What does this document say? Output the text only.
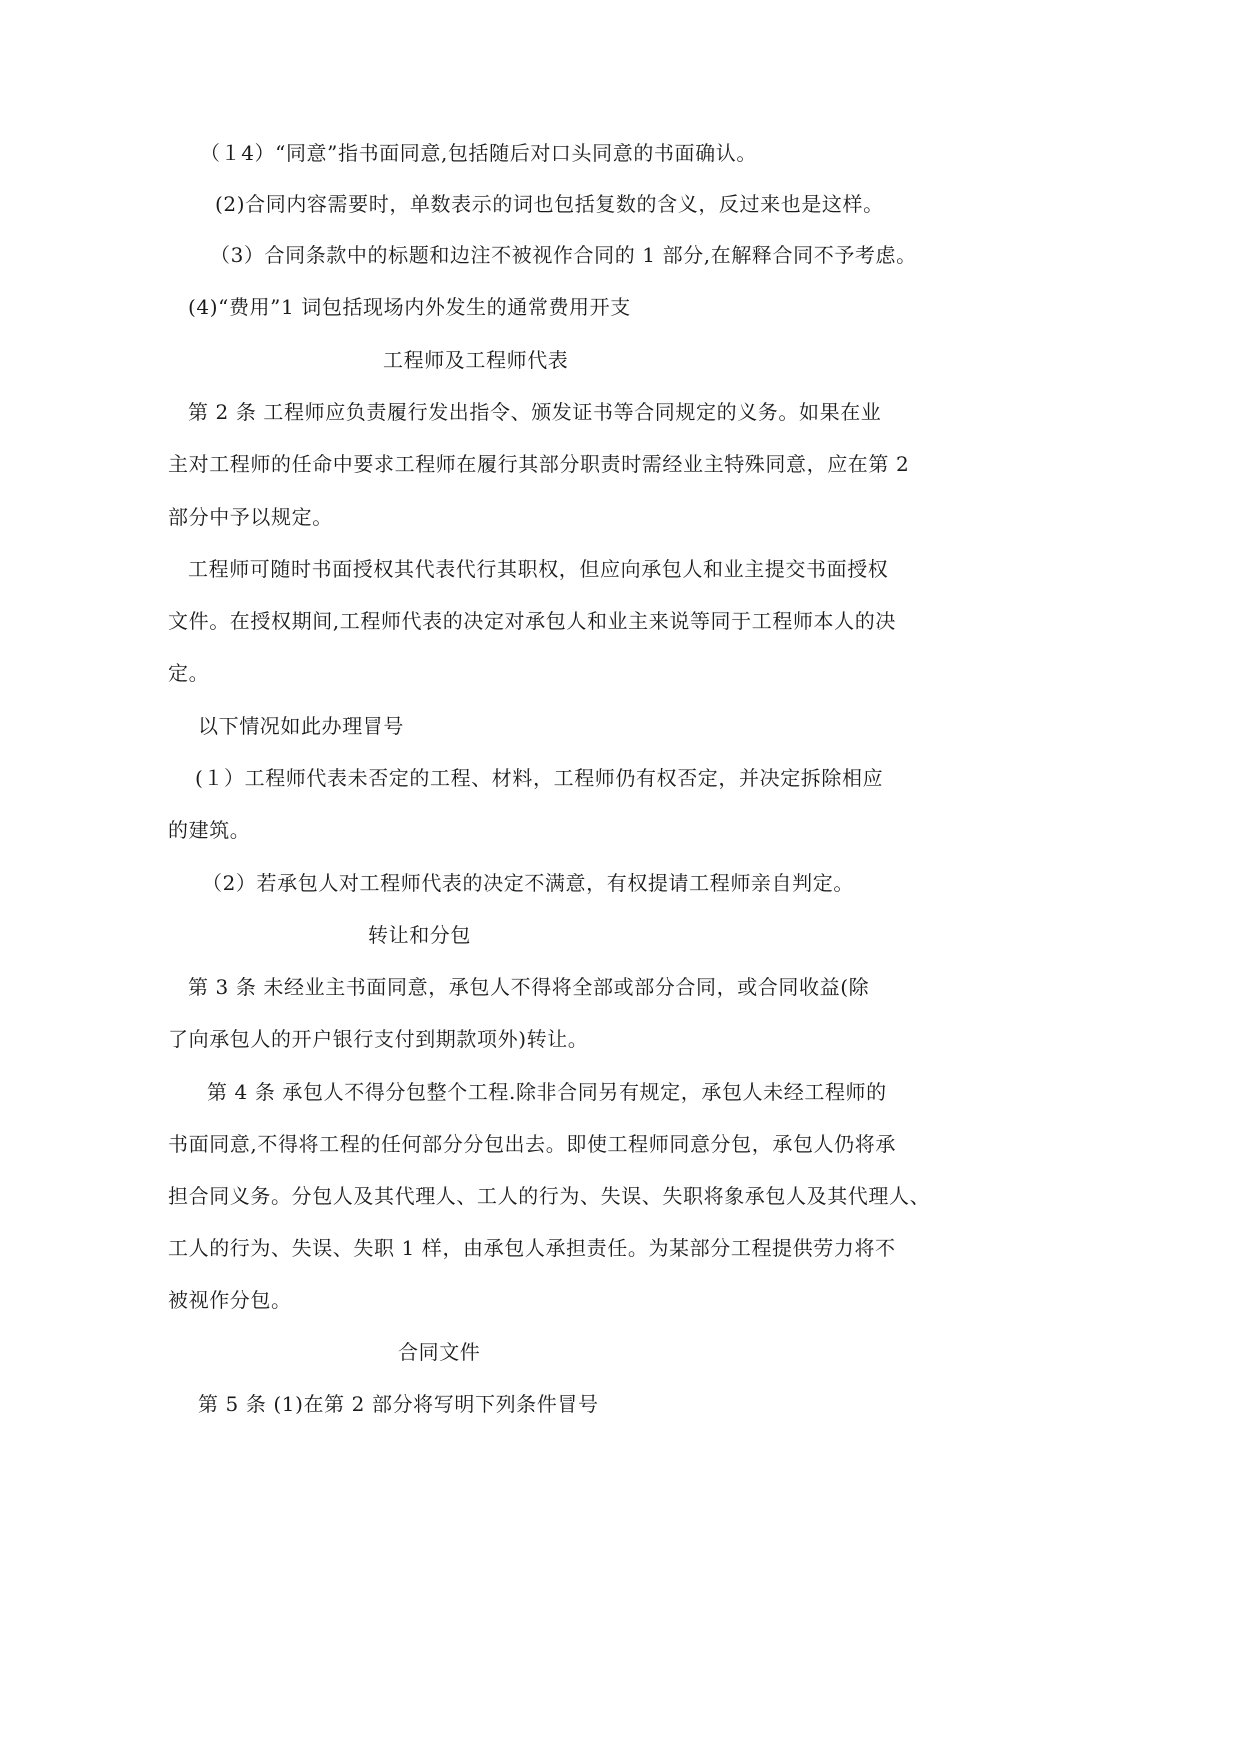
（１4）“同意”指书面同意,包括随后对口头同意的书面确认。
(2)合同内容需要时，单数表示的词也包括复数的含义，反过来也是这样。
（3）合同条款中的标题和边注不被视作合同的 1 部分,在解释合同不予考虑。
(4)“费用”1 词包括现场内外发生的通常费用开支
工程师及工程师代表
第 2 条 工程师应负责履行发出指令、颁发证书等合同规定的义务。如果在业
主对工程师的任命中要求工程师在履行其部分职责时需经业主特殊同意，应在第 2
部分中予以规定。
工程师可随时书面授权其代表代行其职权，但应向承包人和业主提交书面授权
文件。在授权期间,工程师代表的决定对承包人和业主来说等同于工程师本人的决
定。
以下情况如此办理冒号
(１）工程师代表未否定的工程、材料，工程师仍有权否定，并决定拆除相应
的建筑。
（2）若承包人对工程师代表的决定不满意，有权提请工程师亲自判定。
转让和分包
第 3 条 未经业主书面同意，承包人不得将全部或部分合同，或合同收益(除
了向承包人的开户银行支付到期款项外)转让。
第 4 条 承包人不得分包整个工程.除非合同另有规定，承包人未经工程师的
书面同意,不得将工程的任何部分分包出去。即使工程师同意分包，承包人仍将承
担合同义务。分包人及其代理人、工人的行为、失误、失职将象承包人及其代理人、
工人的行为、失误、失职 1 样，由承包人承担责任。为某部分工程提供劳力将不
被视作分包。
合同文件
第 5 条 (1)在第 2 部分将写明下列条件冒号
